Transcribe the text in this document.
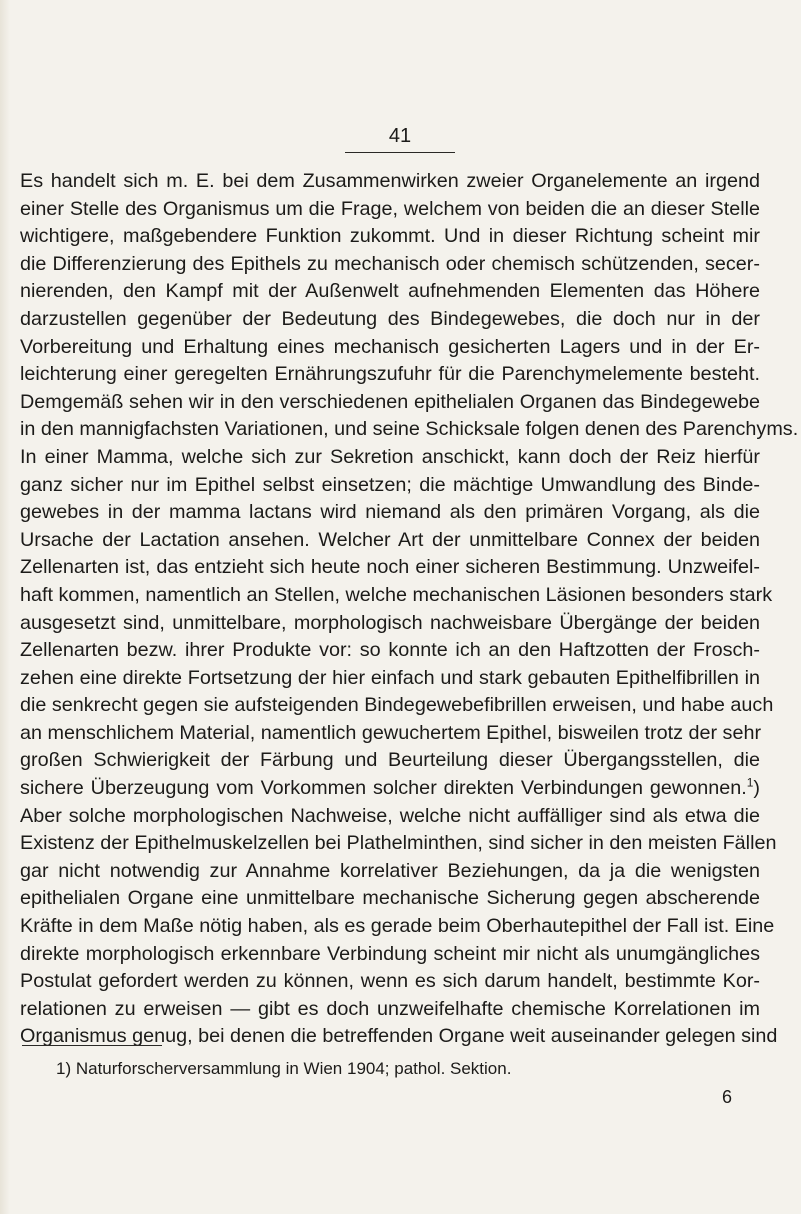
41

Es handelt sich m. E. bei dem Zusammenwirken zweier Organelemente an irgend
einer Stelle des Organismus um die Frage, welchem von beiden die an dieser Stelle
wichtigere, maßgebendere Funktion zukommt. Und in dieser Richtung scheint mir
die Differenzierung des Epithels zu mechanisch oder chemisch schützenden, secer-
nierenden, den Kampf mit der Außenwelt aufnehmenden Elementen das Höhere
darzustellen gegenüber der Bedeutung des Bindegewebes, die doch nur in der
Vorbereitung und Erhaltung eines mechanisch gesicherten Lagers und in der Er-
leichterung einer geregelten Ernährungszufuhr für die Parenchymelemente besteht.
Demgemäß sehen wir in den verschiedenen epithelialen Organen das Bindegewebe
in den mannigfachsten Variationen, und seine Schicksale folgen denen des Parenchyms.
In einer Mamma, welche sich zur Sekretion anschickt, kann doch der Reiz hierfür
ganz sicher nur im Epithel selbst einsetzen; die mächtige Umwandlung des Binde-
gewebes in der mamma lactans wird niemand als den primären Vorgang, als die
Ursache der Lactation ansehen. Welcher Art der unmittelbare Connex der beiden
Zellenarten ist, das entzieht sich heute noch einer sicheren Bestimmung. Unzweifel-
haft kommen, namentlich an Stellen, welche mechanischen Läsionen besonders stark
ausgesetzt sind, unmittelbare, morphologisch nachweisbare Übergänge der beiden
Zellenarten bezw. ihrer Produkte vor: so konnte ich an den Haftzotten der Frosch-
zehen eine direkte Fortsetzung der hier einfach und stark gebauten Epithelfibrillen in
die senkrecht gegen sie aufsteigenden Bindegewebefibrillen erweisen, und habe auch
an menschlichem Material, namentlich gewuchertem Epithel, bisweilen trotz der sehr
großen Schwierigkeit der Färbung und Beurteilung dieser Übergangsstellen, die
sichere Überzeugung vom Vorkommen solcher direkten Verbindungen gewonnen.$^1$)
Aber solche morphologischen Nachweise, welche nicht auffälliger sind als etwa die
Existenz der Epithelmuskelzellen bei Plathelminthen, sind sicher in den meisten Fällen
gar nicht notwendig zur Annahme korrelativer Beziehungen, da ja die wenigsten
epithelialen Organe eine unmittelbare mechanische Sicherung gegen abscherende
Kräfte in dem Maße nötig haben, als es gerade beim Oberhautepithel der Fall ist. Eine
direkte morphologisch erkennbare Verbindung scheint mir nicht als unumgängliches
Postulat gefordert werden zu können, wenn es sich darum handelt, bestimmte Kor-
relationen zu erweisen — gibt es doch unzweifelhafte chemische Korrelationen im
Organismus genug, bei denen die betreffenden Organe weit auseinander gelegen sind

1) Naturforscherversammlung in Wien 1904; pathol. Sektion.

6
